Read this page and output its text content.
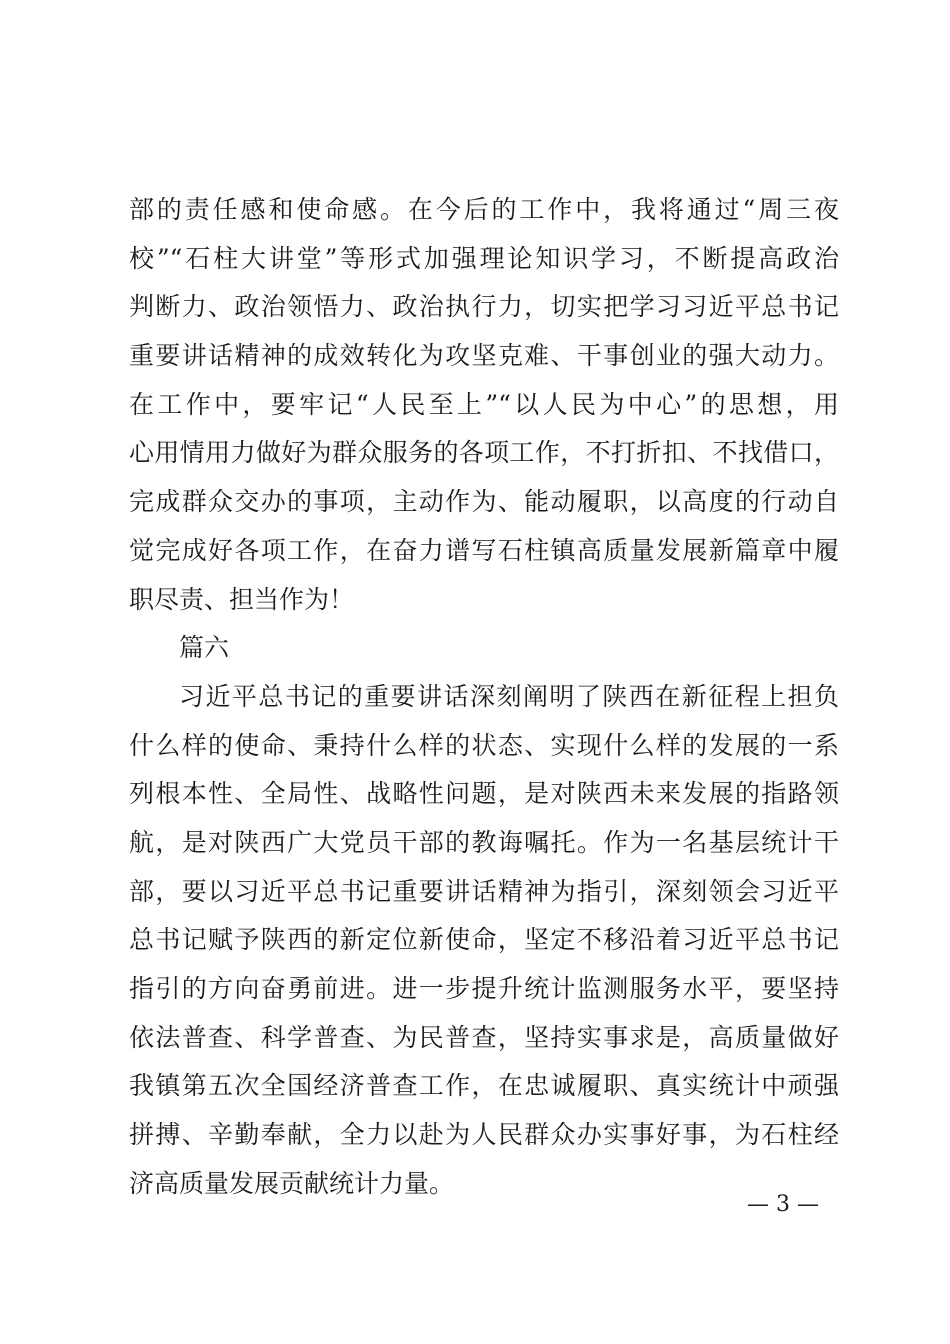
部的责任感和使命感。在今后的工作中，我将通过“周三夜
校”“石柱大讲堂”等形式加强理论知识学习，不断提高政治
判断力、政治领悟力、政治执行力，切实把学习习近平总书记
重要讲话精神的成效转化为攻坚克难、干事创业的强大动力。
在工作中，要牢记“人民至上”“以人民为中心”的思想，用
心用情用力做好为群众服务的各项工作，不打折扣、不找借口，
完成群众交办的事项，主动作为、能动履职，以高度的行动自
觉完成好各项工作，在奋力谱写石柱镇高质量发展新篇章中履
职尽责、担当作为！
篇六
习近平总书记的重要讲话深刻阐明了陕西在新征程上担负
什么样的使命、秉持什么样的状态、实现什么样的发展的一系
列根本性、全局性、战略性问题，是对陕西未来发展的指路领
航，是对陕西广大党员干部的教诲嘱托。作为一名基层统计干
部，要以习近平总书记重要讲话精神为指引，深刻领会习近平
总书记赋予陕西的新定位新使命，坚定不移沿着习近平总书记
指引的方向奋勇前进。进一步提升统计监测服务水平，要坚持
依法普查、科学普查、为民普查，坚持实事求是，高质量做好
我镇第五次全国经济普查工作，在忠诚履职、真实统计中顽强
拼搏、辛勤奉献，全力以赴为人民群众办实事好事，为石柱经
济高质量发展贡献统计力量。
— 3 —
